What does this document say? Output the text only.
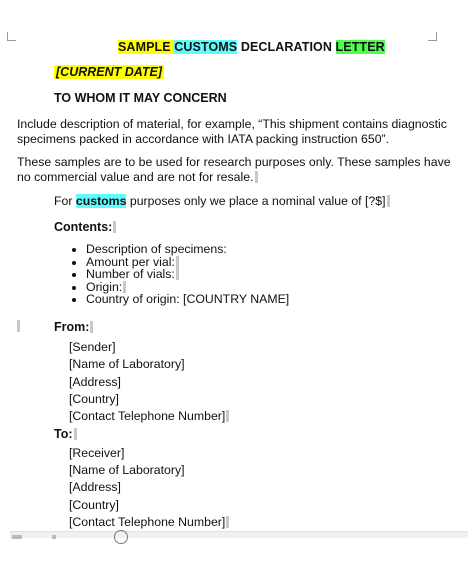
SAMPLE CUSTOMS DECLARATION LETTER
[CURRENT DATE]
TO WHOM IT MAY CONCERN
Include description of material, for example, “This shipment contains diagnostic specimens packed in accordance with IATA packing instruction 650”.
These samples are to be used for research purposes only. These samples have no commercial value and are not for resale.
For customs purposes only we place a nominal value of [?$]
Contents:
• Description of specimens:
• Amount per vial:
• Number of vials:
• Origin:
• Country of origin: [COUNTRY NAME]
From:
[Sender]
[Name of Laboratory]
[Address]
[Country]
[Contact Telephone Number]
To:
[Receiver]
[Name of Laboratory]
[Address]
[Country]
[Contact Telephone Number]
